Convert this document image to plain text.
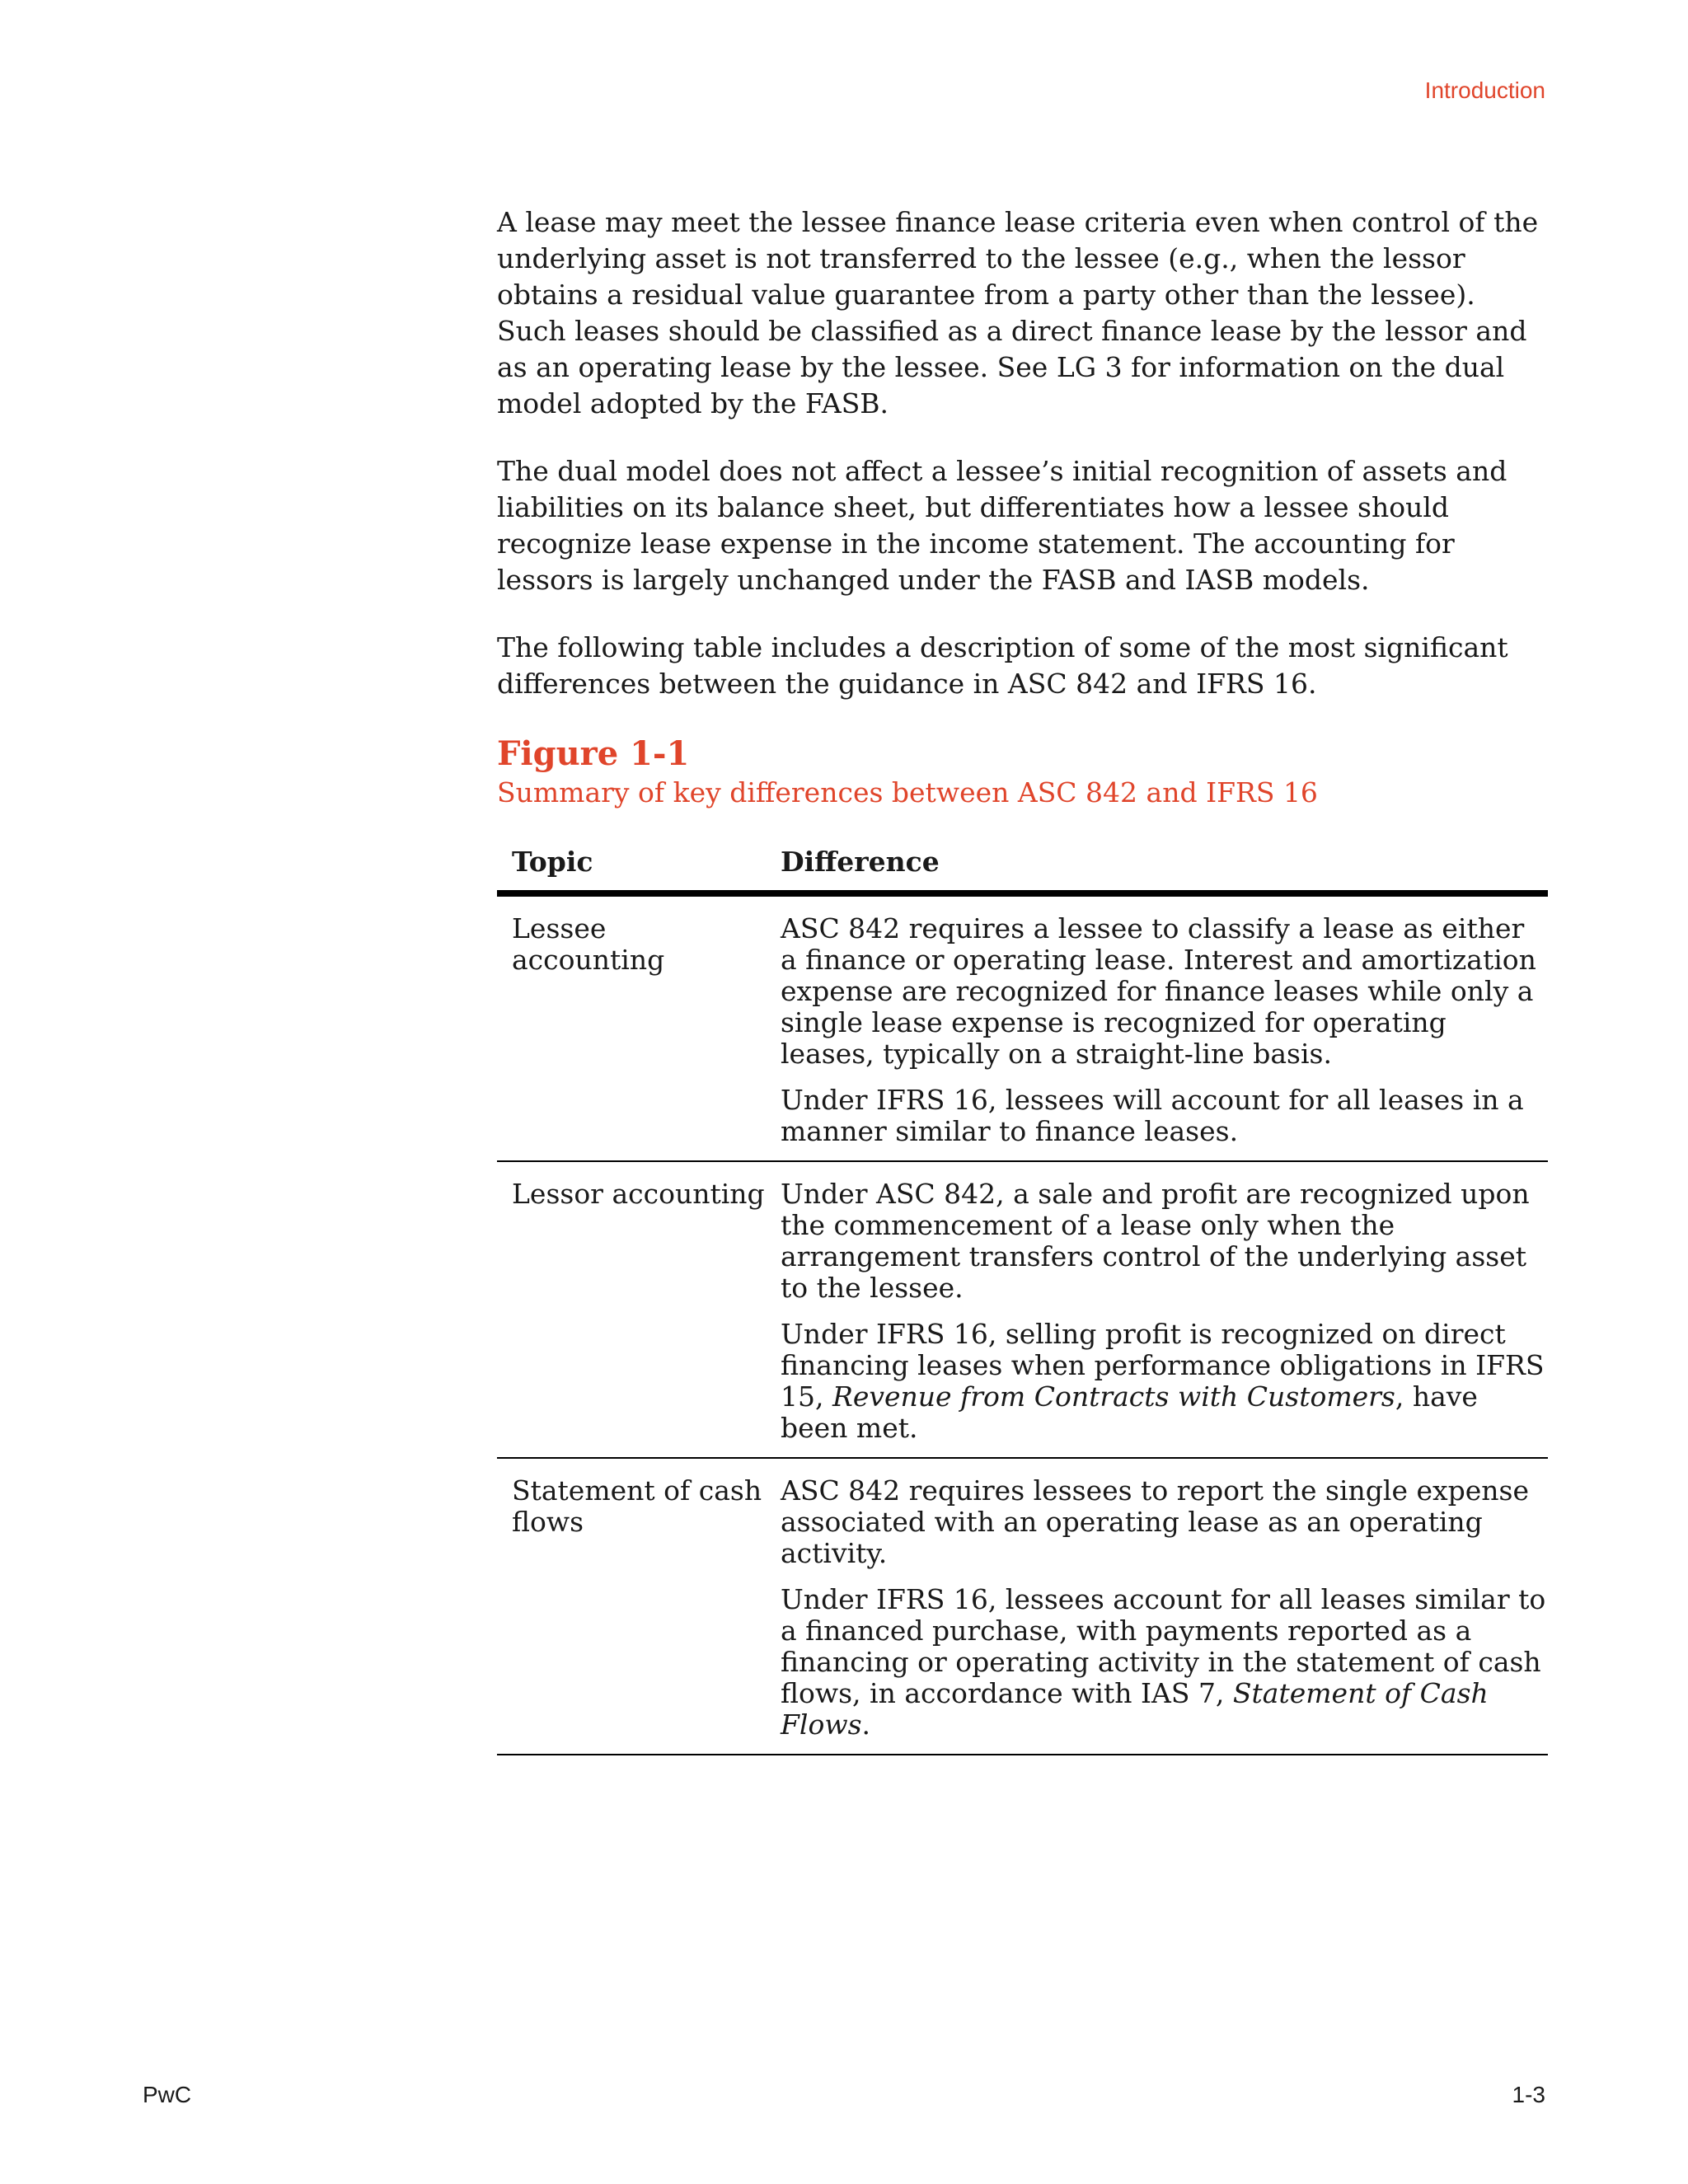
Introduction

A lease may meet the lessee finance lease criteria even when control of the underlying asset is not transferred to the lessee (e.g., when the lessor obtains a residual value guarantee from a party other than the lessee). Such leases should be classified as a direct finance lease by the lessor and as an operating lease by the lessee. See LG 3 for information on the dual model adopted by the FASB.

The dual model does not affect a lessee’s initial recognition of assets and liabilities on its balance sheet, but differentiates how a lessee should recognize lease expense in the income statement. The accounting for lessors is largely unchanged under the FASB and IASB models.

The following table includes a description of some of the most significant differences between the guidance in ASC 842 and IFRS 16.

Figure 1-1
Summary of key differences between ASC 842 and IFRS 16
Topic	Difference
Lessee accounting	ASC 842 requires a lessee to classify a lease as either a finance or operating lease. Interest and amortization expense are recognized for finance leases while only a single lease expense is recognized for operating leases, typically on a straight-line basis.

Under IFRS 16, lessees will account for all leases in a manner similar to finance leases.

Lessor accounting	Under ASC 842, a sale and profit are recognized upon the commencement of a lease only when the arrangement transfers control of the underlying asset to the lessee.

Under IFRS 16, selling profit is recognized on direct financing leases when performance obligations in IFRS 15, Revenue from Contracts with Customers, have been met.

Statement of cash flows	ASC 842 requires lessees to report the single expense associated with an operating lease as an operating activity.

Under IFRS 16, lessees account for all leases similar to a financed purchase, with payments reported as a financing or operating activity in the statement of cash flows, in accordance with IAS 7, Statement of Cash Flows.

PwC	1-3
